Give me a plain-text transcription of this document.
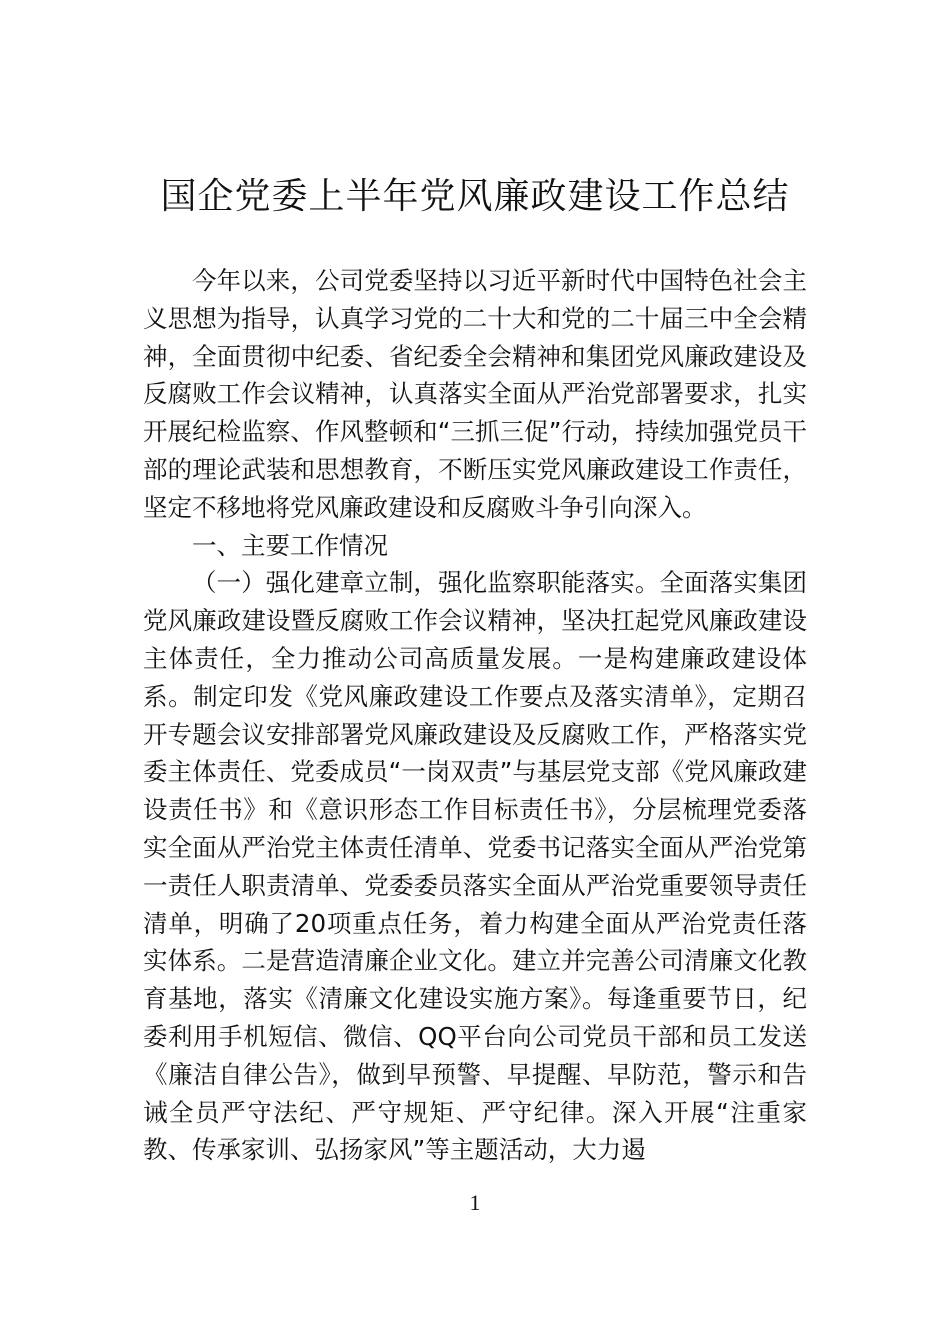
国企党委上半年党风廉政建设工作总结

今年以来，公司党委坚持以习近平新时代中国特色社会主义思想为指导，认真学习党的二十大和党的二十届三中全会精神，全面贯彻中纪委、省纪委全会精神和集团党风廉政建设及反腐败工作会议精神，认真落实全面从严治党部署要求，扎实开展纪检监察、作风整顿和“三抓三促”行动，持续加强党员干部的理论武装和思想教育，不断压实党风廉政建设工作责任，坚定不移地将党风廉政建设和反腐败斗争引向深入。

一、主要工作情况

（一）强化建章立制，强化监察职能落实。全面落实集团党风廉政建设暨反腐败工作会议精神，坚决扛起党风廉政建设主体责任，全力推动公司高质量发展。一是构建廉政建设体系。制定印发《党风廉政建设工作要点及落实清单》，定期召开专题会议安排部署党风廉政建设及反腐败工作，严格落实党委主体责任、党委成员“一岗双责”与基层党支部《党风廉政建设责任书》和《意识形态工作目标责任书》，分层梳理党委落实全面从严治党主体责任清单、党委书记落实全面从严治党第一责任人职责清单、党委委员落实全面从严治党重要领导责任清单，明确了20项重点任务，着力构建全面从严治党责任落实体系。二是营造清廉企业文化。建立并完善公司清廉文化教育基地，落实《清廉文化建设实施方案》。每逢重要节日，纪委利用手机短信、微信、QQ平台向公司党员干部和员工发送《廉洁自律公告》，做到早预警、早提醒、早防范，警示和告诫全员严守法纪、严守规矩、严守纪律。深入开展“注重家教、传承家训、弘扬家风”等主题活动，大力遏

1
